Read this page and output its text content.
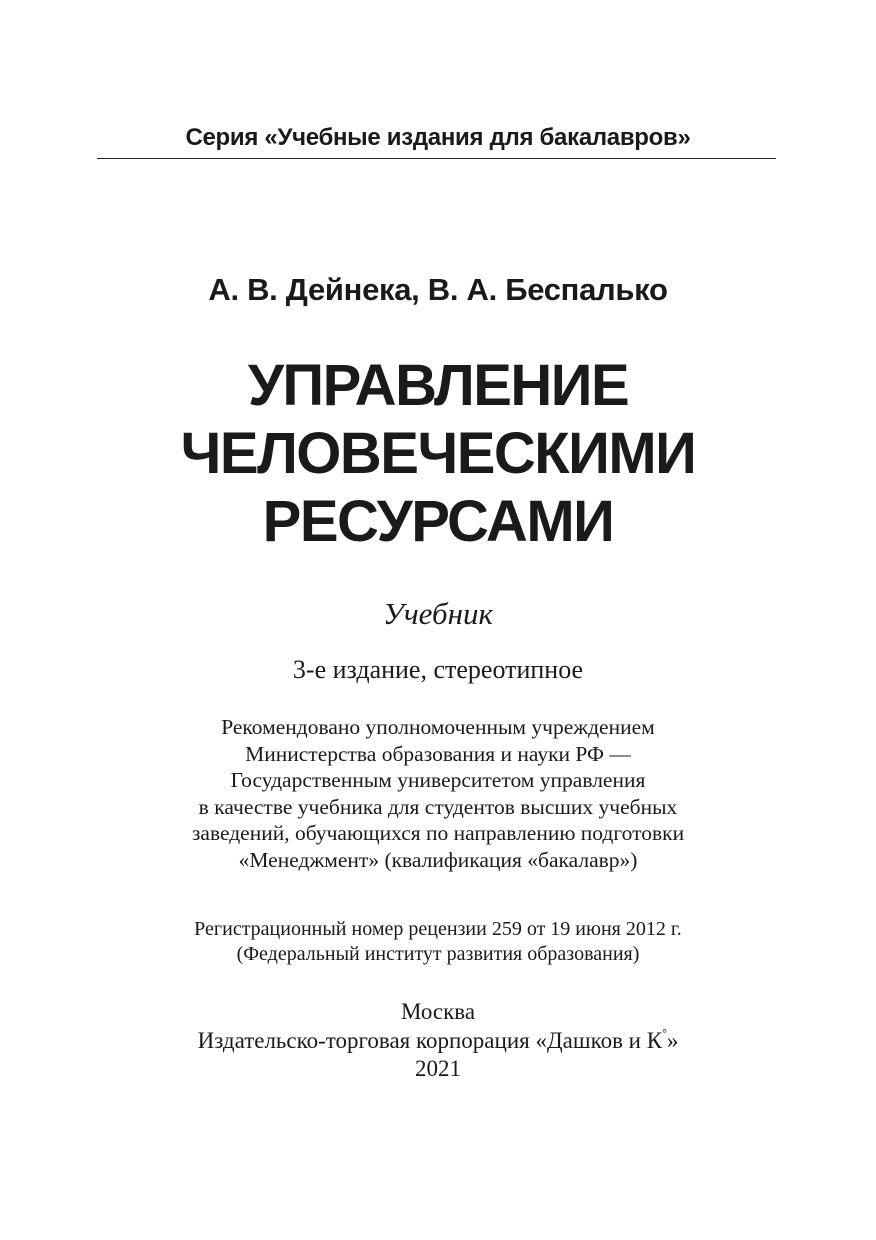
Серия «Учебные издания для бакалавров»
А. В. Дейнека, В. А. Беспалько
УПРАВЛЕНИЕ
ЧЕЛОВЕЧЕСКИМИ
РЕСУРСАМИ
Учебник
3-е издание, стереотипное
Рекомендовано уполномоченным учреждением
Министерства образования и науки РФ —
Государственным университетом управления
в качестве учебника для студентов высших учебных
заведений, обучающихся по направлению подготовки
«Менеджмент» (квалификация «бакалавр»)
Регистрационный номер рецензии 259 от 19 июня 2012 г.
(Федеральный институт развития образования)
Москва
Издательско-торговая корпорация «Дашков и К°»
2021
